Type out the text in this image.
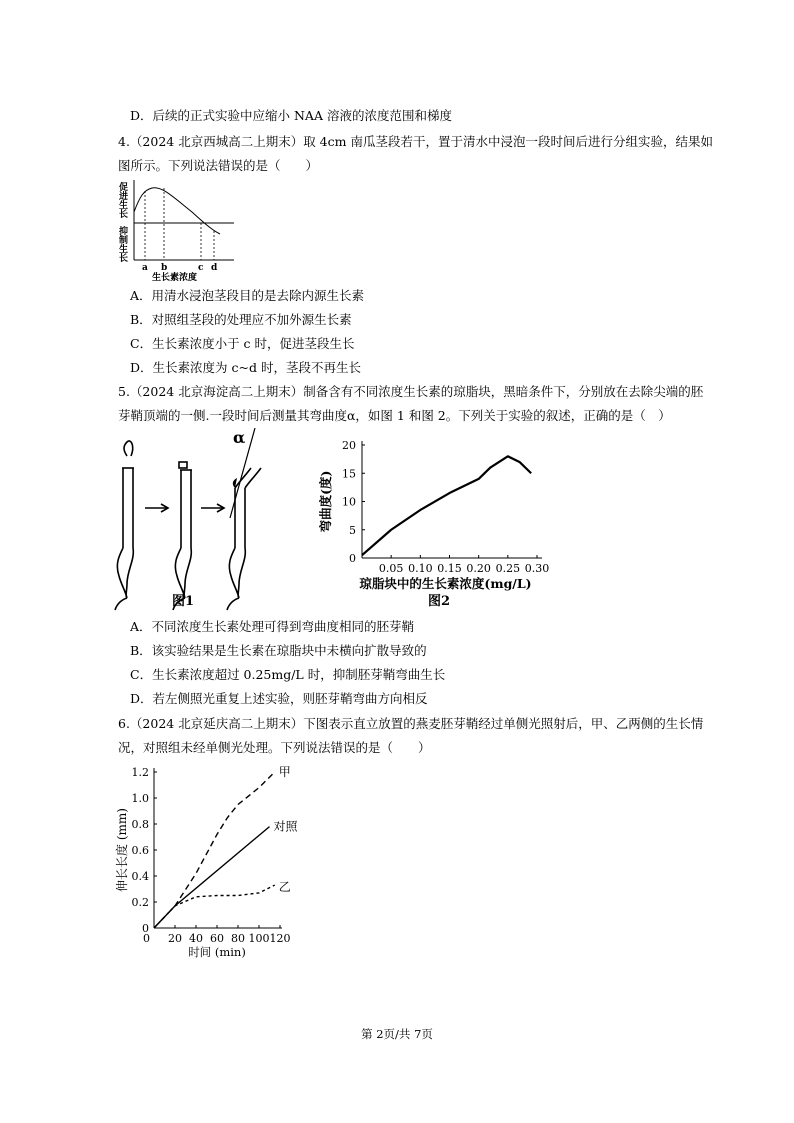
D．后续的正式实验中应缩小 NAA 溶液的浓度范围和梯度
4.（2024 北京西城高二上期末）取 4cm 南瓜茎段若干，置于清水中浸泡一段时间后进行分组实验，结果如
图所示。下列说法错误的是（　　）
促进生长
抑制生长
a b	c d
生长素浓度
A．用清水浸泡茎段目的是去除内源生长素
B．对照组茎段的处理应不加外源生长素
C．生长素浓度小于 c 时，促进茎段生长
D．生长素浓度为 c~d 时，茎段不再生长
5.（2024 北京海淀高二上期末）制备含有不同浓度生长素的琼脂块，黑暗条件下，分别放在去除尖端的胚
芽鞘顶端的一侧.一段时间后测量其弯曲度α，如图 1 和图 2。下列关于实验的叙述，正确的是（　）
α
图1
0
5
10
15
20
0.05 0.10 0.15 0.20 0.25 0.30
琼脂块中的生长素浓度(mg/L)
弯曲度(度)
图2
A．不同浓度生长素处理可得到弯曲度相同的胚芽鞘
B．该实验结果是生长素在琼脂块中未横向扩散导致的
C．生长素浓度超过 0.25mg/L 时，抑制胚芽鞘弯曲生长
D．若左侧照光重复上述实验，则胚芽鞘弯曲方向相反
6.（2024 北京延庆高二上期末）下图表示直立放置的燕麦胚芽鞘经过单侧光照射后，甲、乙两侧的生长情
况，对照组未经单侧光处理。下列说法错误的是（　　）
0
0.2
0.4
0.6
0.8
1.0
1.2
0 20 40 60 80 100 120
甲
对照
乙
时间 (min)
伸长长度 (mm)
第 2页/共 7页
